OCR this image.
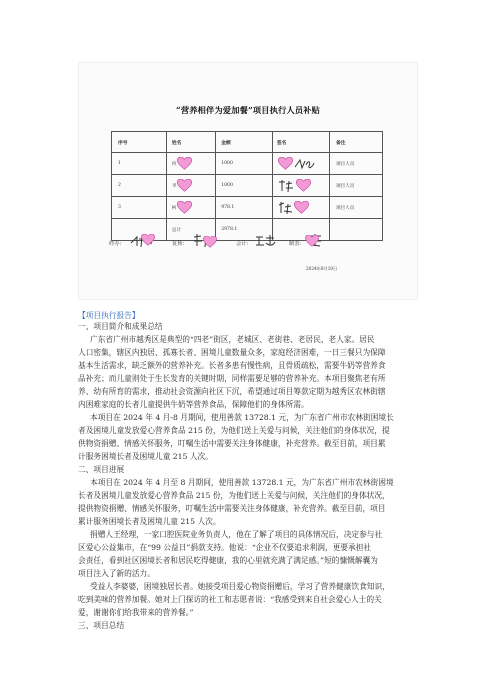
“营养相伴为爱加餐”项目执行人员补贴
序号	姓名	金额	签名	备注
1	何	1000		项目人员
2	李	1000		项目人员
3	柯	978.1		项目人员
	总计	2978.1		
经办：	复核：	会计：	制表：
2024年8月10日
【项目执行报告】
一、项目简介和成果总结
广东省广州市越秀区是典型的“四老”街区，老城区、老街巷、老居民、老人家。居民
人口密集，辖区内独居、孤寡长者、困境儿童数量众多，家庭经济困难，一日三餐只为保障
基本生活需求，缺乏额外的营养补充。长者多患有慢性病，且骨质疏松，需要牛奶等营养食
品补充；而儿童则处于生长发育的关键时期，同样需要足够的营养补充。本项目聚焦老有所
养、幼有所育的需求，推动社会资源向社区下沉，希望通过项目筹款定期为越秀区农林街辖
内困难家庭的长者儿童提供牛奶等营养食品，保障他们的身体所需。
本项目在 2024 年 4 月-8 月期间，使用善款 13728.1 元，为广东省广州市农林街困境长
者及困境儿童发放爱心营养食品 215 份，为他们送上关爱与问候，关注他们的身体状况，提
供物资捐赠、情感关怀服务，叮嘱生活中需要关注身体健康，补充营养。截至目前，项目累
计服务困境长者及困境儿童 215 人次。
二、项目进展
本项目在 2024 年 4 月至 8 月期间，使用善款 13728.1 元，为广东省广州市农林街困境
长者及困境儿童发放爱心营养食品 215 份，为他们送上关爱与问候，关注他们的身体状况，
提供物资捐赠、情感关怀服务，叮嘱生活中需要关注身体健康，补充营养。截至目前，项目
累计服务困境长者及困境儿童 215 人次。
捐赠人王经理，一家口腔医院业务负责人，他在了解了项目的具体情况后，决定参与社
区爱心公益集市，在“99 公益日”捐款支持。他说：“企业不仅要追求利润，更要承担社
会责任，看到社区困境长者和居民吃得健康，我的心里就充满了满足感。”短的慷慨解囊为
项目注入了新的活力。
受益人李婆婆，困境独居长者。她接受项目爱心物资捐赠后，学习了营养健康饮食知识，
吃到美味的营养加餐。她对上门探访的社工和志愿者说：“我感受到来自社会爱心人士的关
爱，谢谢你们给我带来的营养餐。”
三、项目总结
